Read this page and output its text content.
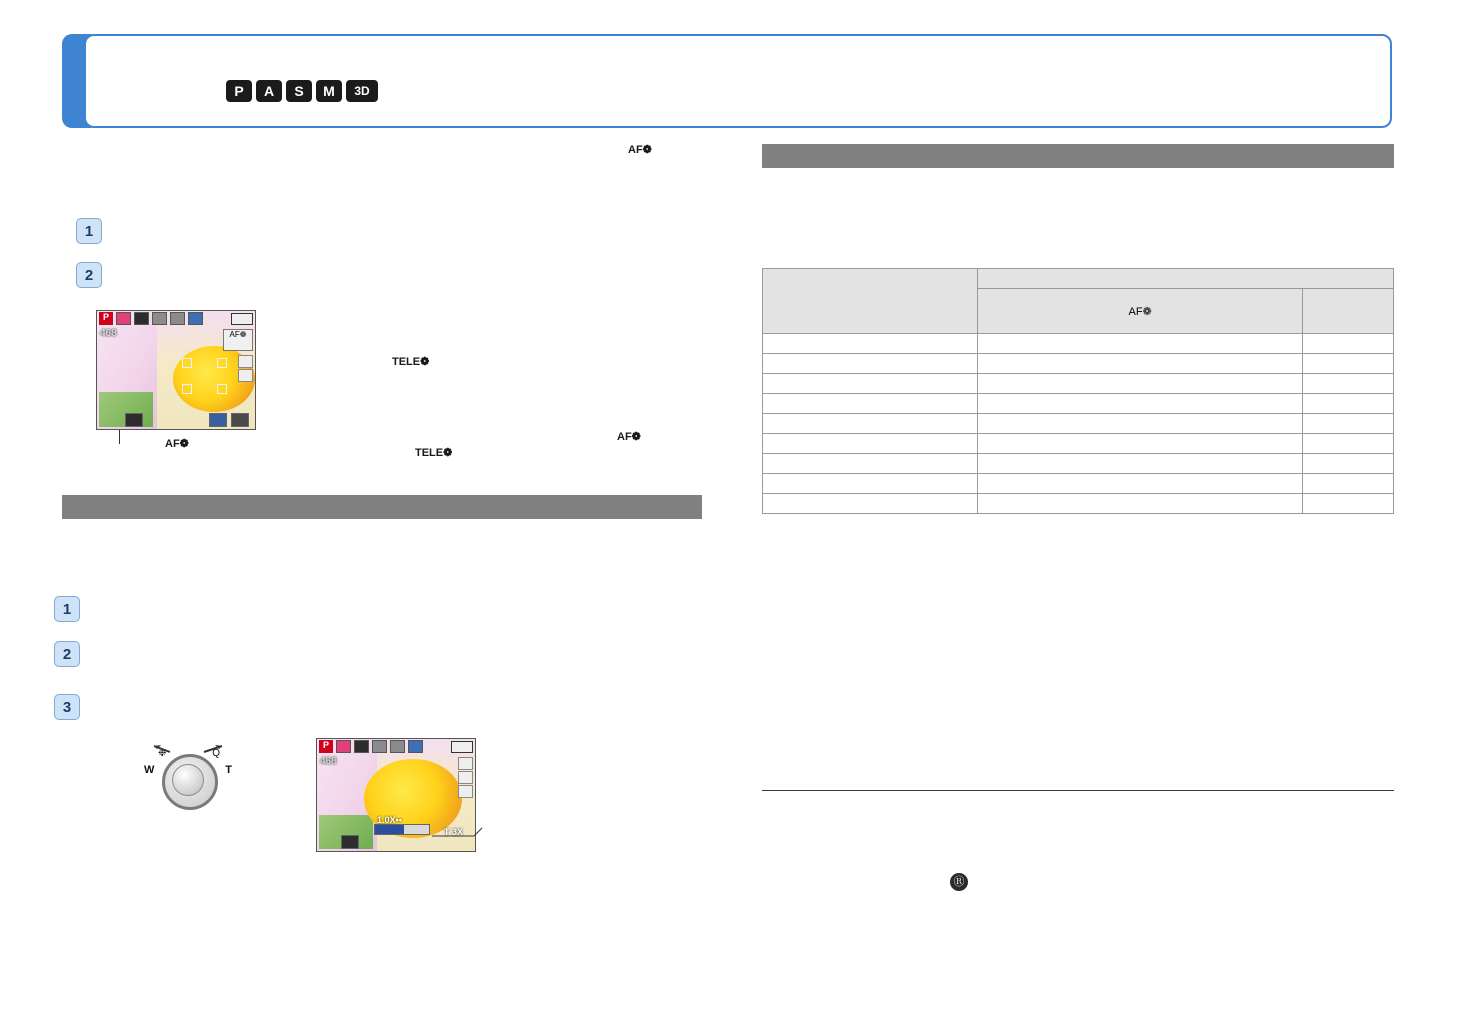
P	A	S	M	3D
AF❁
1
2
P
468	AF❁
AF❁
TELE❁
TELE❁
AF❁
1
2
3
W	T
❉	Q
P
468
1.0X••
T 3X

	AF❁	

Ⓡ
